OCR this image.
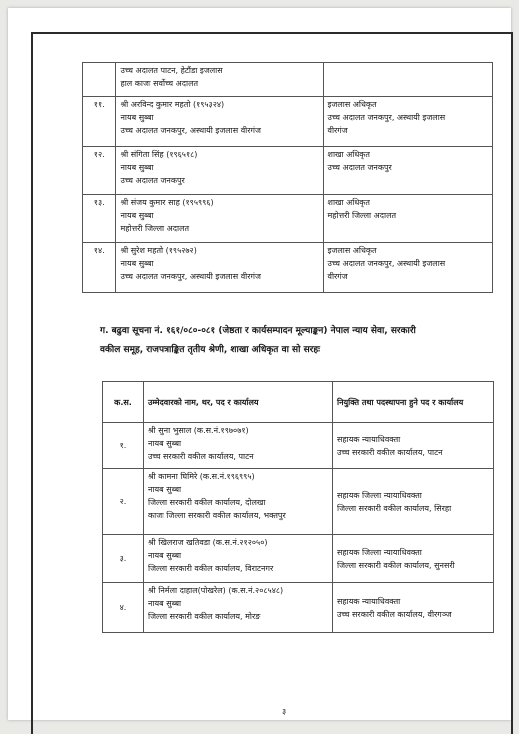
	उच्च अदालत पाटन, हेटौंडा इजलास
हाल काजः सर्वोच्च अदालत	

११.	श्री अरविन्द कुमार महतो (१९५३२४)
नायब सुब्बा
उच्च अदालत जनकपुर, अस्थायी इजलास वीरगंज	इजलास अधिकृत
उच्च अदालत जनकपुर, अस्थायी इजलास
वीरगंज

१२.	श्री संगिता सिंह (१९६५१८)
नायब सुब्बा
उच्च अदालत जनकपुर	शाखा अधिकृत
उच्च अदालत जनकपुर

१३.	श्री संजय कुमार साह (१९५९९६)
नायब सुब्बा
महोत्तरी जिल्ला अदालत	शाखा अधिकृत
महोत्तरी जिल्ला अदालत

१४.	श्री सुरेश महतो (१९५२७२)
नायब सुब्बा
उच्च अदालत जनकपुर, अस्थायी इजलास वीरगंज	इजलास अधिकृत
उच्च अदालत जनकपुर, अस्थायी इजलास
वीरगंज
ग. बढुवा सूचना नं. १६१/०८०-०८१ (जेष्ठता र कार्यसम्पादन मूल्याङ्कन) नेपाल न्याय सेवा, सरकारी
वकील समूह, राजपत्राङ्कित तृतीय श्रेणी, शाखा अधिकृत वा सो सरहः
क.स.	उम्मेदवारको नाम, थर, पद र कार्यालय	नियुक्ति तथा पदस्थापना हुने पद र कार्यालय
१.	श्री सुना भुसाल (क.स.नं.१९७०७१)
नायब सुब्बा
उच्च सरकारी वकील कार्यालय, पाटन	सहायक न्यायाधिवक्ता
उच्च सरकारी वकील कार्यालय, पाटन

२.	श्री कामना घिमिरे (क.स.नं.१९६९९५)
नायब सुब्बा
जिल्ला सरकारी वकील कार्यालय, दोलखा
काजः जिल्ला सरकारी वकील कार्यालय, भक्तपुर	सहायक जिल्ला न्यायाधिवक्ता
जिल्ला सरकारी वकील कार्यालय, सिरहा

३.	श्री खिलराज खतिवडा (क.स.नं.२१२०५०)
नायब सुब्बा
जिल्ला सरकारी वकील कार्यालय, विराटनगर	सहायक जिल्ला न्यायाधिवक्ता
जिल्ला सरकारी वकील कार्यालय, सुनसरी

४.	श्री निर्मला दाहाल(पोखरेल) (क.स.नं.२०८५४८)
नायब सुब्बा
जिल्ला सरकारी वकील कार्यालय, मोरङ	सहायक न्यायाधिवक्ता
उच्च सरकारी वकील कार्यालय, वीरगञ्ज
३
